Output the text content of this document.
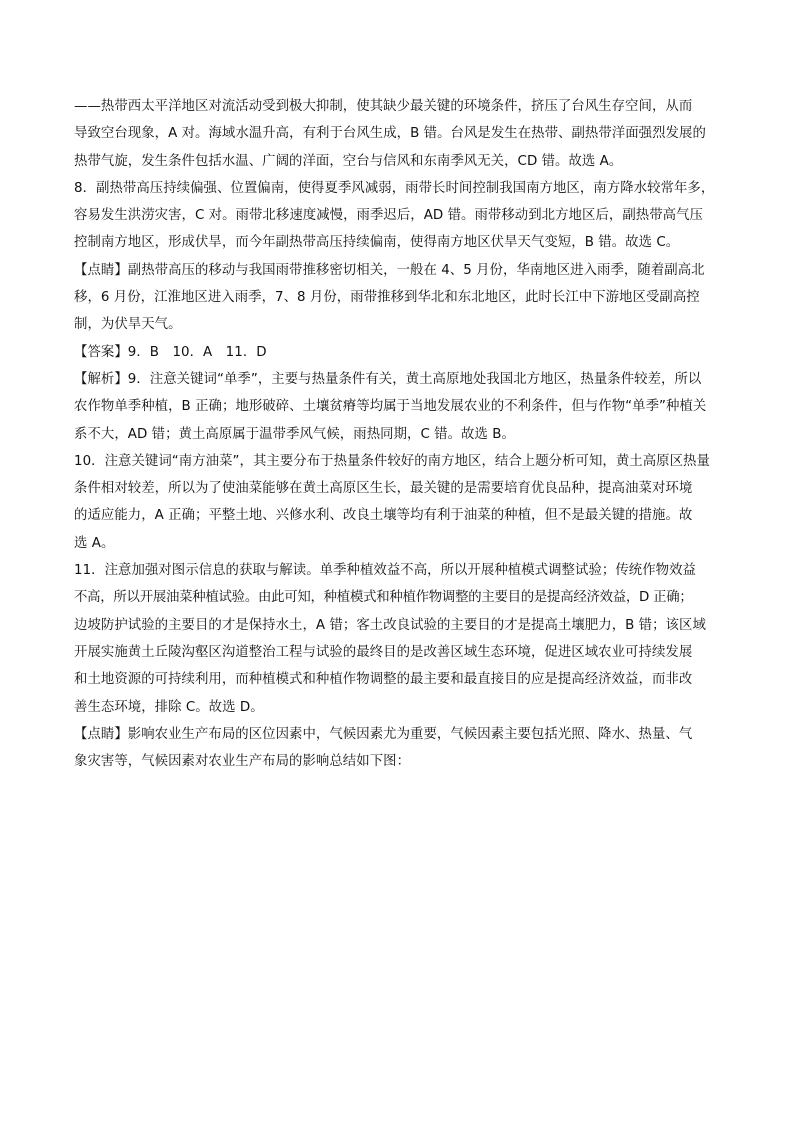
——热带西太平洋地区对流活动受到极大抑制，使其缺少最关键的环境条件，挤压了台风生存空间，从而
导致空台现象，A 对。海域水温升高，有利于台风生成，B 错。台风是发生在热带、副热带洋面强烈发展的
热带气旋，发生条件包括水温、广阔的洋面，空台与信风和东南季风无关，CD 错。故选 A。
8．副热带高压持续偏强、位置偏南，使得夏季风减弱，雨带长时间控制我国南方地区，南方降水较常年多，
容易发生洪涝灾害，C 对。雨带北移速度减慢，雨季迟后，AD 错。雨带移动到北方地区后，副热带高气压
控制南方地区，形成伏旱，而今年副热带高压持续偏南，使得南方地区伏旱天气变短，B 错。故选 C。
【点睛】副热带高压的移动与我国雨带推移密切相关，一般在 4、5 月份，华南地区进入雨季，随着副高北
移，6 月份，江淮地区进入雨季，7、8 月份，雨带推移到华北和东北地区，此时长江中下游地区受副高控
制，为伏旱天气。
【答案】9．B　10．A　11．D
【解析】9．注意关键词“单季”，主要与热量条件有关，黄土高原地处我国北方地区，热量条件较差，所以
农作物单季种植，B 正确；地形破碎、土壤贫瘠等均属于当地发展农业的不利条件，但与作物“单季”种植关
系不大，AD 错；黄土高原属于温带季风气候，雨热同期，C 错。故选 B。
10．注意关键词“南方油菜”，其主要分布于热量条件较好的南方地区，结合上题分析可知，黄土高原区热量
条件相对较差，所以为了使油菜能够在黄土高原区生长，最关键的是需要培育优良品种，提高油菜对环境
的适应能力，A 正确；平整土地、兴修水利、改良土壤等均有利于油菜的种植，但不是最关键的措施。故
选 A。
11．注意加强对图示信息的获取与解读。单季种植效益不高，所以开展种植模式调整试验；传统作物效益
不高，所以开展油菜种植试验。由此可知，种植模式和种植作物调整的主要目的是提高经济效益，D 正确；
边坡防护试验的主要目的才是保持水土，A 错；客土改良试验的主要目的才是提高土壤肥力，B 错；该区域
开展实施黄土丘陵沟壑区沟道整治工程与试验的最终目的是改善区域生态环境，促进区域农业可持续发展
和土地资源的可持续利用，而种植模式和种植作物调整的最主要和最直接目的应是提高经济效益，而非改
善生态环境，排除 C。故选 D。
【点睛】影响农业生产布局的区位因素中，气候因素尤为重要，气候因素主要包括光照、降水、热量、气
象灾害等，气候因素对农业生产布局的影响总结如下图：
